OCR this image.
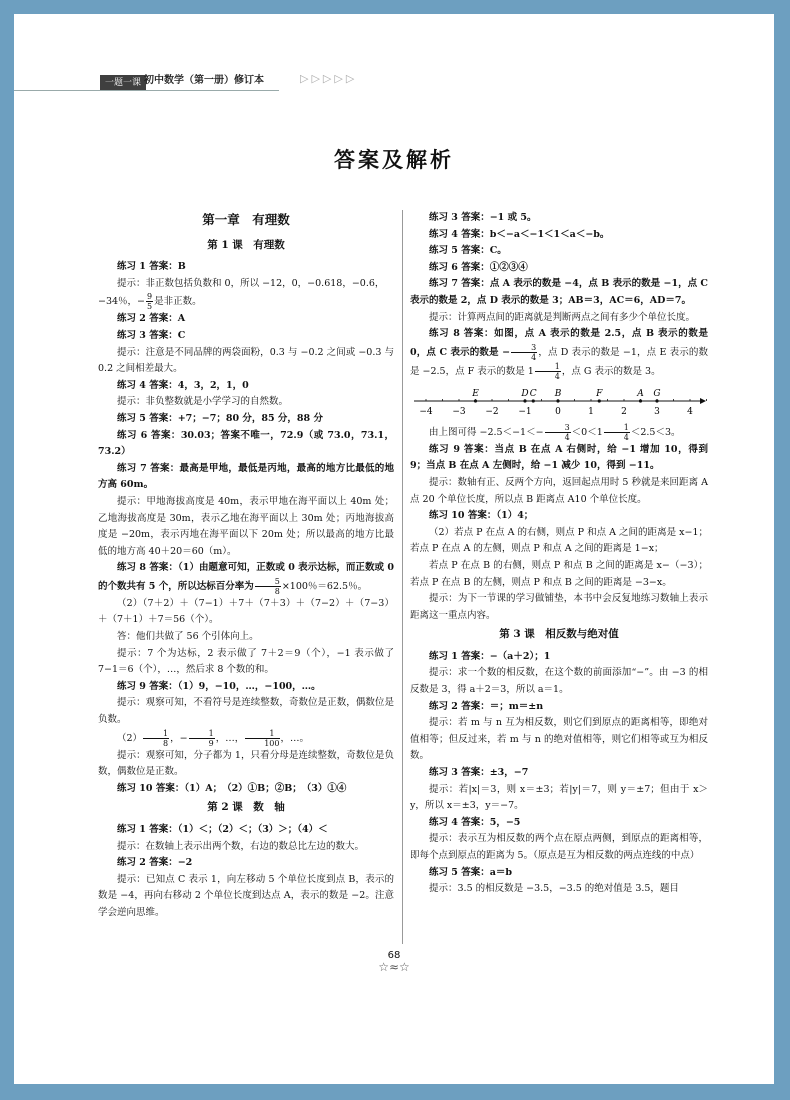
一题一课 初中数学（第一册）修订本	▷▷▷▷▷
答案及解析
第一章　有理数
第 1 课　有理数

练习 1 答案：B

提示：非正数包括负数和 0，所以 −12，0，−0.618，−0.6，

−34％，− $\frac{9}{5}$ 是非正数。

练习 2 答案：A

练习 3 答案：C

提示：注意是不同品牌的两袋面粉，0.3 与 −0.2 之间或 −0.3 与 0.2 之间相差最大。

练习 4 答案：4，3，2，1，0

提示：非负整数就是小学学习的自然数。

练习 5 答案：+7；−7；80 分，85 分，88 分

练习 6 答案：30.03；答案不唯一，72.9（或 73.0，73.1，73.2）

练习 7 答案：最高是甲地，最低是丙地，最高的地方比最低的地方高 60m。

提示：甲地海拔高度是 40m，表示甲地在海平面以上 40m 处；乙地海拔高度是 30m，表示乙地在海平面以上 30m 处；丙地海拔高度是 −20m，表示丙地在海平面以下 20m 处；所以最高的地方比最低的地方高 40＋20＝60（m）。

练习 8 答案：（1）由题意可知，正数或 0 表示达标，而正数或 0 的个数共有 5 个，所以达标百分率为 $\frac{5}{8} \times 100$％＝62.5％。

（2）（7＋2）＋（7−1）＋7＋（7＋3）＋（7−2）＋（7−3）＋（7＋1）＋7＝56（个）。

答：他们共做了 56 个引体向上。

提示：7 个为达标，2 表示做了 7＋2＝9（个），−1 表示做了 7−1＝6（个），…，然后求 8 个数的和。

练习 9 答案：（1）9，−10，…，−100，…。

提示：观察可知，不看符号是连续整数，奇数位是正数，偶数位是负数。

$(2) \frac{1}{8}$ ，− $\frac{1}{9}$ ，…， $\frac{1}{100}$ ，…。

提示：观察可知，分子都为 1，只看分母是连续整数，奇数位是负数，偶数位是正数。

练习 10 答案：（1）A；　（2）①B；②B；　（3）①④

第 2 课　数　轴

练习 1 答案：（1）＜；（2）＜；（3）＞；（4）＜

提示：在数轴上表示出两个数，右边的数总比左边的数大。

练习 2 答案：−2

提示：已知点 C 表示 1，向左移动 5 个单位长度到点 B，表示的数是 −4，再向右移动 2 个单位长度到达点 A，表示的数是 −2。注意学会逆向思维。

练习 3 答案：−1 或 5。

练习 4 答案：b＜−a＜−1＜1＜a＜−b。

练习 5 答案：C。

练习 6 答案：①②③④

练习 7 答案：点 A 表示的数是 −4，点 B 表示的数是 −1，点 C 表示的数是 2，点 D 表示的数是 3；AB＝3，AC＝6，AD＝7。

提示：计算两点间的距离就是判断两点之间有多少个单位长度。

练习 8 答案：如图，点 A 表示的数是 2.5，点 B 表示的数是 0，点 C 表示的数是 − $\frac{3}{4}$ ，点 D 表示的数是 −1，点 E 表示的数是 −2.5，点 F 表示的数是 $1 \frac{1}{4}$ ，点 G 表示的数是 3。

−4 −3 −2 −1	0	1	2	3	4
E	D C B	F	A G

由上图可得 $-2.5<-1<- \frac{3}{4} <0<1 \frac{1}{4} <2.5<3$。

练习 9 答案：当点 B 在点 A 右侧时，给 −1 增加 10，得到 9；当点 B 在点 A 左侧时，给 −1 减少 10，得到 −11。

提示：数轴有正、反两个方向，返回起点用时 5 秒就是来回距离 A 点 20 个单位长度，所以点 B 距离点 A10 个单位长度。

练习 10 答案：（1）4；

（2）若点 P 在点 A 的右侧，则点 P 和点 A 之间的距离是 x−1；若点 P 在点 A 的左侧，则点 P 和点 A 之间的距离是 1−x；

若点 P 在点 B 的右侧，则点 P 和点 B 之间的距离是 x−（−3）；若点 P 在点 B 的左侧，则点 P 和点 B 之间的距离是 −3−x。

提示：为下一节课的学习做铺垫，本书中会反复地练习数轴上表示距离这一重点内容。

第 3 课　相反数与绝对值

练习 1 答案：−（a＋2）；1

提示：求一个数的相反数，在这个数的前面添加“−”。由 −3 的相反数是 3，得 a＋2＝3，所以 a＝1。

练习 2 答案：＝；m＝±n

提示：若 m 与 n 互为相反数，则它们到原点的距离相等，即绝对值相等；但反过来，若 m 与 n 的绝对值相等，则它们相等或互为相反数。

练习 3 答案：±3，−7

提示：若|x|＝3，则 x＝±3；若|y|＝7，则 y＝±7；但由于 x＞y，所以 x＝±3，y＝−7。

练习 4 答案：5，−5

提示：表示互为相反数的两个点在原点两侧，到原点的距离相等，即每个点到原点的距离为 5。（原点是互为相反数的两点连线的中点）

练习 5 答案：a＝b

提示：3.5 的相反数是 −3.5，−3.5 的绝对值是 3.5，题目

68
☆≈☆
